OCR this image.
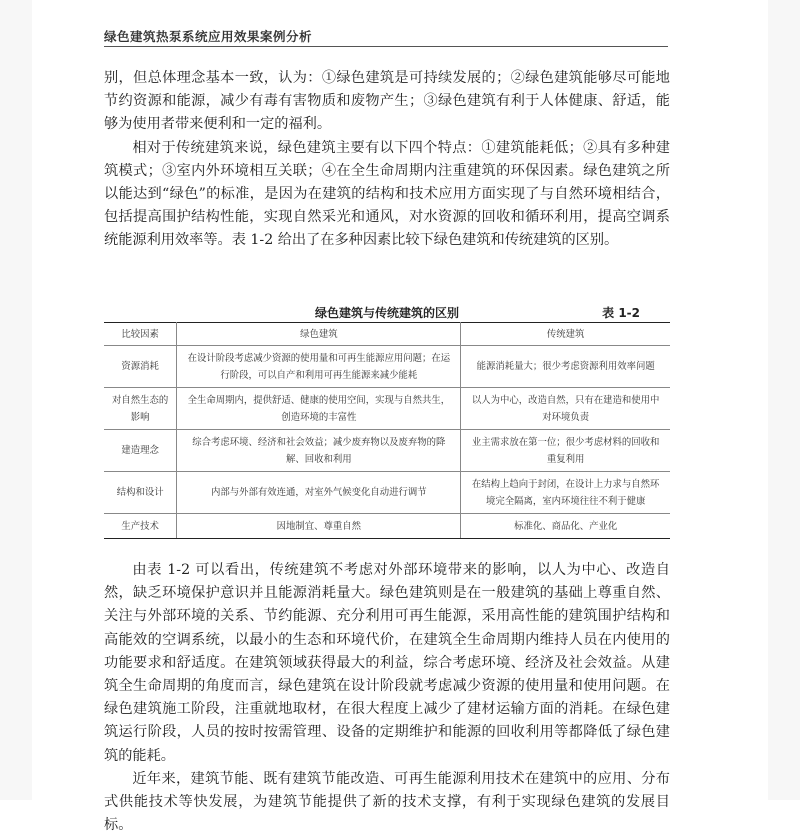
绿色建筑热泵系统应用效果案例分析

别，但总体理念基本一致，认为：①绿色建筑是可持续发展的；②绿色建筑能够尽可能地节约资源和能源，减少有毒有害物质和废物产生；③绿色建筑有利于人体健康、舒适，能够为使用者带来便利和一定的福利。

相对于传统建筑来说，绿色建筑主要有以下四个特点：①建筑能耗低；②具有多种建筑模式；③室内外环境相互关联；④在全生命周期内注重建筑的环保因素。绿色建筑之所以能达到“绿色”的标准，是因为在建筑的结构和技术应用方面实现了与自然环境相结合，包括提高围护结构性能，实现自然采光和通风，对水资源的回收和循环利用，提高空调系统能源利用效率等。表 1-2 给出了在多种因素比较下绿色建筑和传统建筑的区别。

绿色建筑与传统建筑的区别	表 1-2
比较因素	绿色建筑	传统建筑
资源消耗	在设计阶段考虑减少资源的使用量和可再生能源应用问题；在运行阶段，可以自产和利用可再生能源来减少能耗	能源消耗量大；很少考虑资源利用效率问题
对自然生态的影响	全生命周期内，提供舒适、健康的使用空间，实现与自然共生，创造环境的丰富性	以人为中心，改造自然，只有在建造和使用中对环境负责
建造理念	综合考虑环境、经济和社会效益；减少废弃物以及废弃物的降解、回收和利用	业主需求放在第一位；很少考虑材料的回收和重复利用
结构和设计	内部与外部有效连通，对室外气候变化自动进行调节	在结构上趋向于封闭，在设计上力求与自然环境完全隔离，室内环境往往不利于健康
生产技术	因地制宜、尊重自然	标准化、商品化、产业化

由表 1-2 可以看出，传统建筑不考虑对外部环境带来的影响，以人为中心、改造自然，缺乏环境保护意识并且能源消耗量大。绿色建筑则是在一般建筑的基础上尊重自然、关注与外部环境的关系、节约能源、充分利用可再生能源，采用高性能的建筑围护结构和高能效的空调系统，以最小的生态和环境代价，在建筑全生命周期内维持人员在内使用的功能要求和舒适度。在建筑领域获得最大的利益，综合考虑环境、经济及社会效益。从建筑全生命周期的角度而言，绿色建筑在设计阶段就考虑减少资源的使用量和使用问题。在绿色建筑施工阶段，注重就地取材，在很大程度上减少了建材运输方面的消耗。在绿色建筑运行阶段，人员的按时按需管理、设备的定期维护和能源的回收利用等都降低了绿色建筑的能耗。

近年来，建筑节能、既有建筑节能改造、可再生能源利用技术在建筑中的应用、分布式供能技术等快发展，为建筑节能提供了新的技术支撑，有利于实现绿色建筑的发展目标。
